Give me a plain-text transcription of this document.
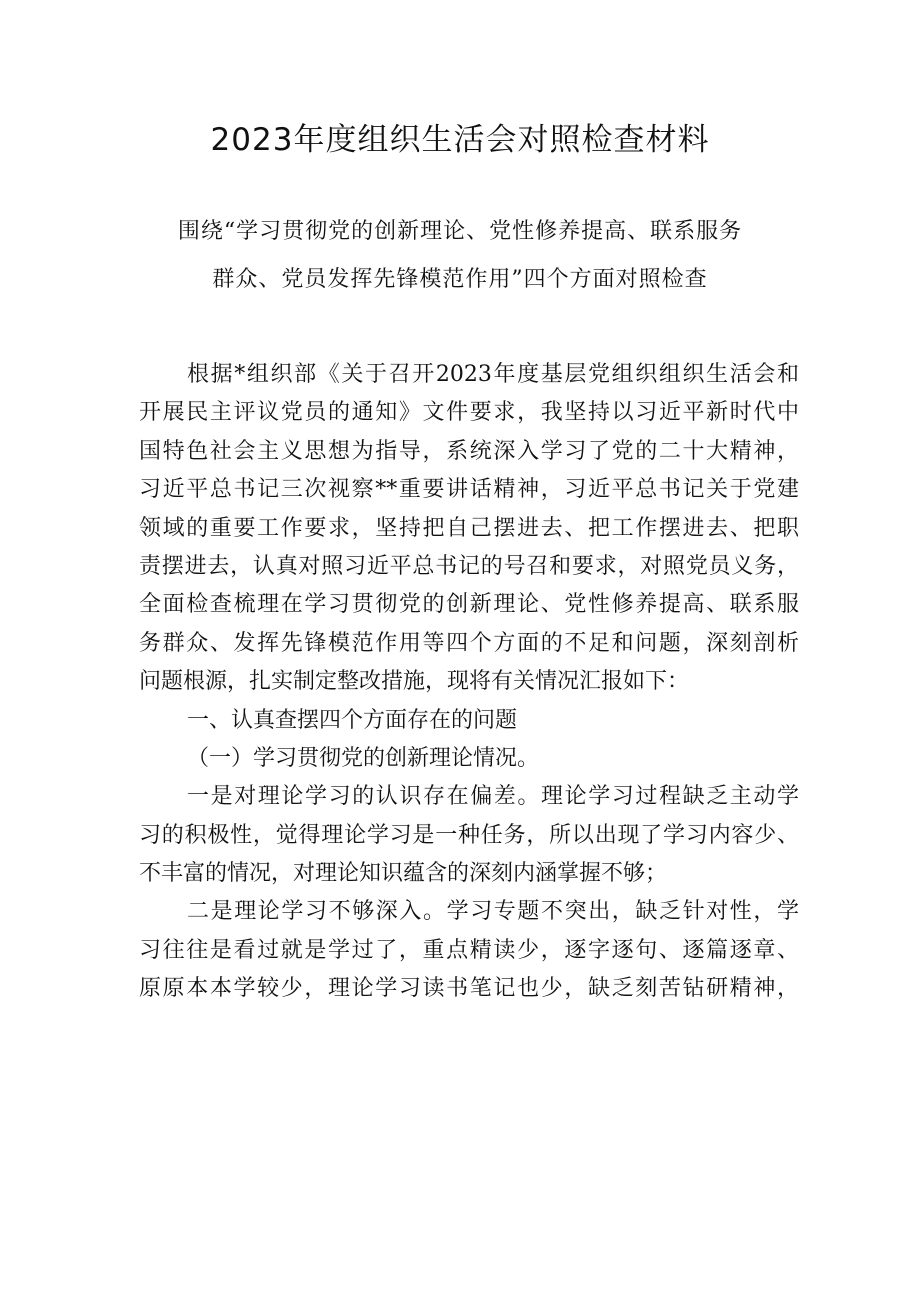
2023年度组织生活会对照检查材料

围绕“学习贯彻党的创新理论、党性修养提高、联系服务

群众、党员发挥先锋模范作用”四个方面对照检查

根据*组织部《关于召开2023年度基层党组织组织生活会和
开展民主评议党员的通知》文件要求，我坚持以习近平新时代中
国特色社会主义思想为指导，系统深入学习了党的二十大精神，
习近平总书记三次视察**重要讲话精神，习近平总书记关于党建
领域的重要工作要求，坚持把自己摆进去、把工作摆进去、把职
责摆进去，认真对照习近平总书记的号召和要求，对照党员义务，
全面检查梳理在学习贯彻党的创新理论、党性修养提高、联系服
务群众、发挥先锋模范作用等四个方面的不足和问题，深刻剖析
问题根源，扎实制定整改措施，现将有关情况汇报如下：
一、认真查摆四个方面存在的问题
（一）学习贯彻党的创新理论情况。
一是对理论学习的认识存在偏差。理论学习过程缺乏主动学
习的积极性，觉得理论学习是一种任务，所以出现了学习内容少、
不丰富的情况，对理论知识蕴含的深刻内涵掌握不够；
二是理论学习不够深入。学习专题不突出，缺乏针对性，学
习往往是看过就是学过了，重点精读少，逐字逐句、逐篇逐章、
原原本本学较少，理论学习读书笔记也少，缺乏刻苦钻研精神，
